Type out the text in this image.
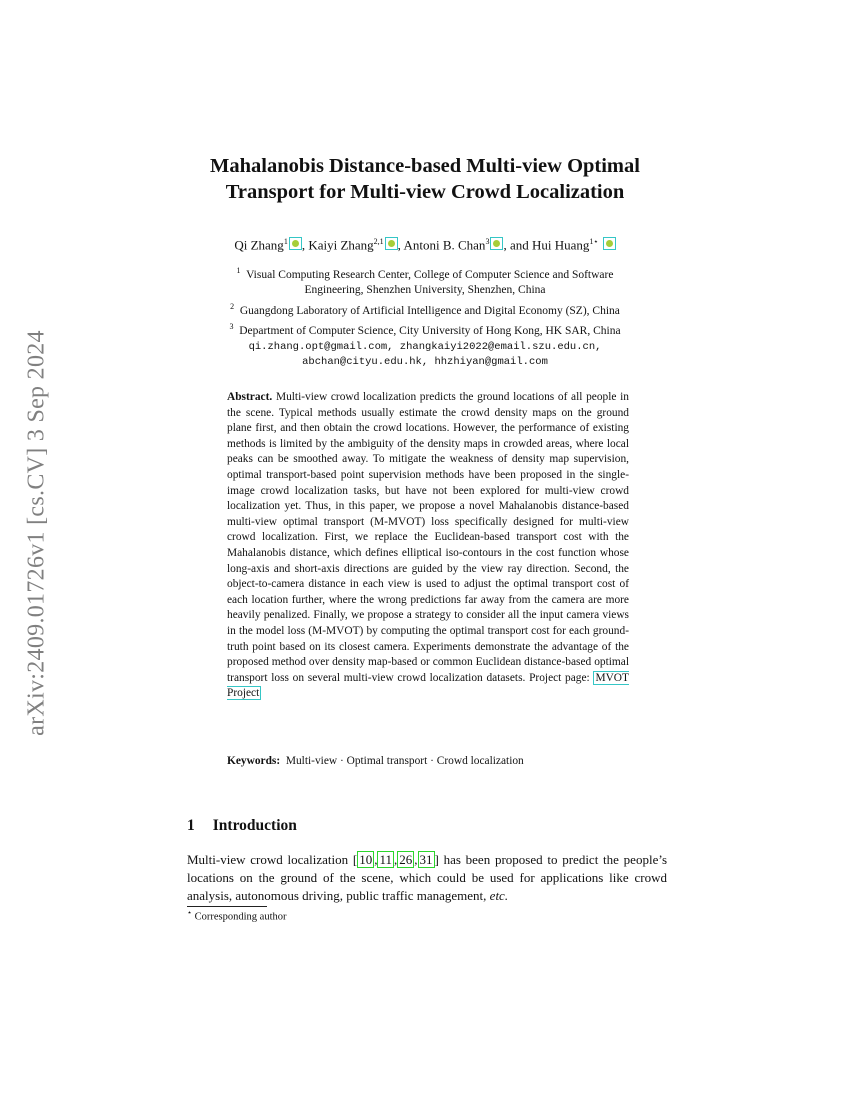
arXiv:2409.01726v1 [cs.CV] 3 Sep 2024
Mahalanobis Distance-based Multi-view Optimal
Transport for Multi-view Crowd Localization
Qi Zhang$^1$ , Kaiyi Zhang$^{2,1}$ , Antoni B. Chan$^3$ , and Hui Huang$^{1⋆}$
$^1$ Visual Computing Research Center, College of Computer Science and Software
Engineering, Shenzhen University, Shenzhen, China
$^2$ Guangdong Laboratory of Artificial Intelligence and Digital Economy (SZ), China
$^3$ Department of Computer Science, City University of Hong Kong, HK SAR, China
qi.zhang.opt@gmail.com, zhangkaiyi2022@email.szu.edu.cn,
abchan@cityu.edu.hk, hhzhiyan@gmail.com
Abstract. Multi-view crowd localization predicts the ground locations of all people in the scene. Typical methods usually estimate the crowd density maps on the ground plane first, and then obtain the crowd locations. However, the performance of existing methods is limited by the ambiguity of the density maps in crowded areas, where local peaks can be smoothed away. To mitigate the weakness of density map supervision, optimal transport-based point supervision methods have been proposed in the single-image crowd localization tasks, but have not been explored for multi-view crowd localization yet. Thus, in this paper, we propose a novel Mahalanobis distance-based multi-view optimal transport (M-MVOT) loss specifically designed for multi-view crowd localization. First, we replace the Euclidean-based transport cost with the Mahalanobis distance, which defines elliptical iso-contours in the cost function whose long-axis and short-axis directions are guided by the view ray direction. Second, the object-to-camera distance in each view is used to adjust the optimal transport cost of each location further, where the wrong predictions far away from the camera are more heavily penalized. Finally, we propose a strategy to consider all the input camera views in the model loss (M-MVOT) by computing the optimal transport cost for each ground-truth point based on its closest camera. Experiments demonstrate the advantage of the proposed method over density map-based or common Euclidean distance-based optimal transport loss on several multi-view crowd localization datasets. Project page: MVOT Project
Keywords: Multi-view · Optimal transport · Crowd localization
1 Introduction
Multi-view crowd localization [ 10 , 11 , 26 , 31 ] has been proposed to predict the people’s locations on the ground of the scene, which could be used for applications like crowd analysis, autonomous driving, public traffic management, etc.
⋆ Corresponding author
